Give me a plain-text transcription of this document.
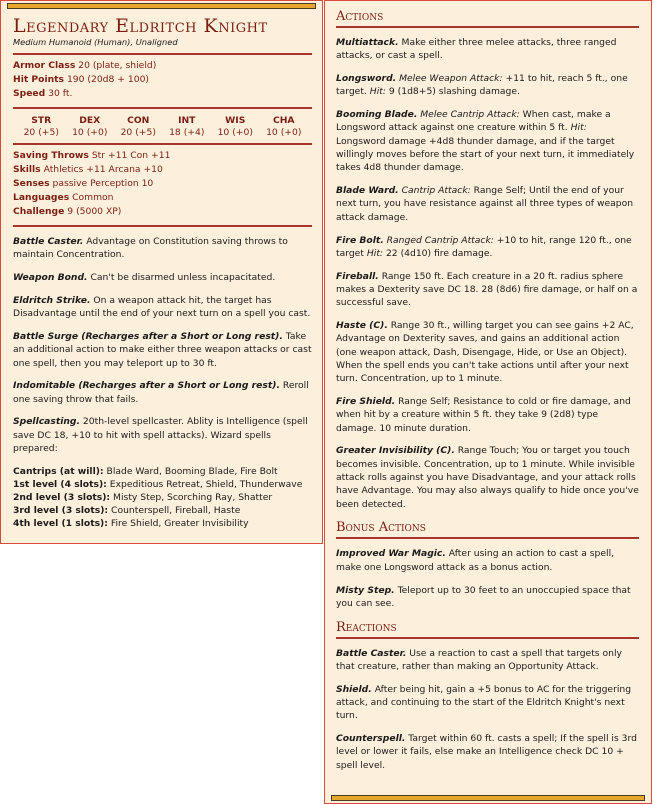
Legendary Eldritch Knight
Medium Humanoid (Human), Unaligned
Armor Class 20 (plate, shield)
Hit Points 190 (20d8 + 100)
Speed 30 ft.
STR
20 (+5)
DEX
10 (+0)
CON
20 (+5)
INT
18 (+4)
WIS
10 (+0)
CHA
10 (+0)
Saving Throws Str +11 Con +11
Skills Athletics +11 Arcana +10
Senses passive Perception 10
Languages Common
Challenge 9 (5000 XP)

Battle Caster. Advantage on Constitution saving throws to maintain Concentration.

Weapon Bond. Can't be disarmed unless incapacitated.

Eldritch Strike. On a weapon attack hit, the target has Disadvantage until the end of your next turn on a spell you cast.

Battle Surge (Recharges after a Short or Long rest). Take an additional action to make either three weapon attacks or cast one spell, then you may teleport up to 30 ft.

Indomitable (Recharges after a Short or Long rest). Reroll one saving throw that fails.

Spellcasting. 20th-level spellcaster. Ablity is Intelligence (spell save DC 18, +10 to hit with spell attacks). Wizard spells prepared:

Cantrips (at will): Blade Ward, Booming Blade, Fire Bolt

1st level (4 slots): Expeditious Retreat, Shield, Thunderwave

2nd level (3 slots): Misty Step, Scorching Ray, Shatter

3rd level (3 slots): Counterspell, Fireball, Haste

4th level (1 slots): Fire Shield, Greater Invisibility

Actions

Multiattack. Make either three melee attacks, three ranged attacks, or cast a spell.

Longsword. Melee Weapon Attack: +11 to hit, reach 5 ft., one target. Hit: 9 (1d8+5) slashing damage.

Booming Blade. Melee Cantrip Attack: When cast, make a Longsword attack against one creature within 5 ft. Hit: Longsword damage +4d8 thunder damage, and if the target willingly moves before the start of your next turn, it immediately takes 4d8 thunder damage.

Blade Ward. Cantrip Attack: Range Self; Until the end of your next turn, you have resistance against all three types of weapon attack damage.

Fire Bolt. Ranged Cantrip Attack: +10 to hit, range 120 ft., one target Hit: 22 (4d10) fire damage.

Fireball. Range 150 ft. Each creature in a 20 ft. radius sphere makes a Dexterity save DC 18. 28 (8d6) fire damage, or half on a successful save.

Haste (C). Range 30 ft., willing target you can see gains +2 AC, Advantage on Dexterity saves, and gains an additional action (one weapon attack, Dash, Disengage, Hide, or Use an Object). When the spell ends you can't take actions until after your next turn. Concentration, up to 1 minute.

Fire Shield. Range Self; Resistance to cold or fire damage, and when hit by a creature within 5 ft. they take 9 (2d8) type damage. 10 minute duration.

Greater Invisibility (C). Range Touch; You or target you touch becomes invisible. Concentration, up to 1 minute. While invisible attack rolls against you have Disadvantage, and your attack rolls have Advantage. You may also always qualify to hide once you've been detected.

Bonus Actions

Improved War Magic. After using an action to cast a spell, make one Longsword attack as a bonus action.

Misty Step. Teleport up to 30 feet to an unoccupied space that you can see.

Reactions

Battle Caster. Use a reaction to cast a spell that targets only that creature, rather than making an Opportunity Attack.

Shield. After being hit, gain a +5 bonus to AC for the triggering attack, and continuing to the start of the Eldritch Knight's next turn.

Counterspell. Target within 60 ft. casts a spell; If the spell is 3rd level or lower it fails, else make an Intelligence check DC 10 + spell level.
